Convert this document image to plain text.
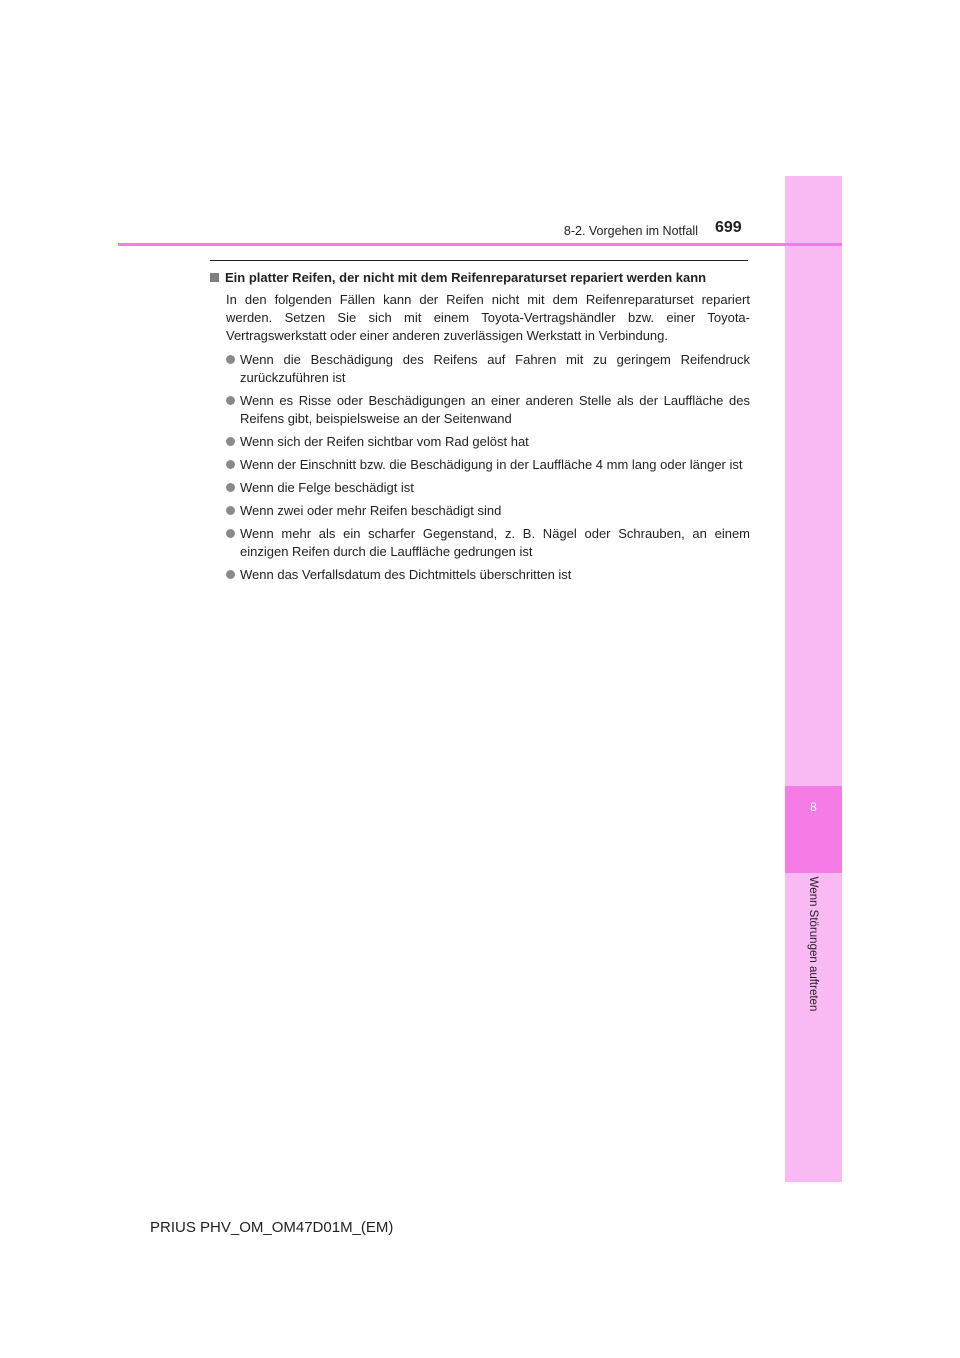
8
Wenn Störungen auftreten
8-2. Vorgehen im Notfall 699
Ein platter Reifen, der nicht mit dem Reifenreparaturset repariert werden kann

In den folgenden Fällen kann der Reifen nicht mit dem Reifenreparaturset repariert werden. Setzen Sie sich mit einem Toyota-Vertragshändler bzw. einer Toyota-Vertragswerkstatt oder einer anderen zuverlässigen Werkstatt in Verbindung.

Wenn die Beschädigung des Reifens auf Fahren mit zu geringem Reifendruck zurückzuführen ist
Wenn es Risse oder Beschädigungen an einer anderen Stelle als der Lauffläche des Reifens gibt, beispielsweise an der Seitenwand
Wenn sich der Reifen sichtbar vom Rad gelöst hat
Wenn der Einschnitt bzw. die Beschädigung in der Lauffläche 4 mm lang oder länger ist
Wenn die Felge beschädigt ist
Wenn zwei oder mehr Reifen beschädigt sind
Wenn mehr als ein scharfer Gegenstand, z. B. Nägel oder Schrauben, an einem einzigen Reifen durch die Lauffläche gedrungen ist
Wenn das Verfallsdatum des Dichtmittels überschritten ist
PRIUS PHV_OM_OM47D01M_(EM)
